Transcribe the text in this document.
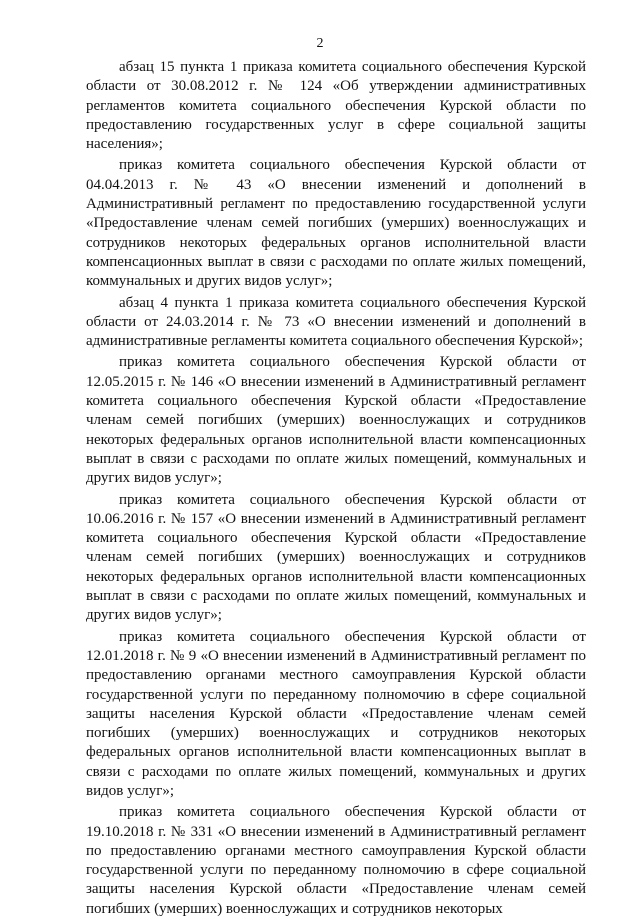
2

абзац 15 пункта 1 приказа комитета социального обеспечения Курской области от 30.08.2012 г. № 124 «Об утверждении административных регламентов комитета социального обеспечения Курской области по предоставлению государственных услуг в сфере социальной защиты населения»;

приказ комитета социального обеспечения Курской области от 04.04.2013 г. № 43 «О внесении изменений и дополнений в Административный регламент по предоставлению государственной услуги «Предоставление членам семей погибших (умерших) военнослужащих и сотрудников некоторых федеральных органов исполнительной власти компенсационных выплат в связи с расходами по оплате жилых помещений, коммунальных и других видов услуг»;

абзац 4 пункта 1 приказа комитета социального обеспечения Курской области от 24.03.2014 г. № 73 «О внесении изменений и дополнений в административные регламенты комитета социального обеспечения Курской»;

приказ комитета социального обеспечения Курской области от 12.05.2015 г. № 146 «О внесении изменений в Административный регламент комитета социального обеспечения Курской области «Предоставление членам семей погибших (умерших) военнослужащих и сотрудников некоторых федеральных органов исполнительной власти компенсационных выплат в связи с расходами по оплате жилых помещений, коммунальных и других видов услуг»;

приказ комитета социального обеспечения Курской области от 10.06.2016 г. № 157 «О внесении изменений в Административный регламент комитета социального обеспечения Курской области «Предоставление членам семей погибших (умерших) военнослужащих и сотрудников некоторых федеральных органов исполнительной власти компенсационных выплат в связи с расходами по оплате жилых помещений, коммунальных и других видов услуг»;

приказ комитета социального обеспечения Курской области от 12.01.2018 г. № 9 «О внесении изменений в Административный регламент по предоставлению органами местного самоуправления Курской области государственной услуги по переданному полномочию в сфере социальной защиты населения Курской области «Предоставление членам семей погибших (умерших) военнослужащих и сотрудников некоторых федеральных органов исполнительной власти компенсационных выплат в связи с расходами по оплате жилых помещений, коммунальных и других видов услуг»;

приказ комитета социального обеспечения Курской области от 19.10.2018 г. № 331 «О внесении изменений в Административный регламент по предоставлению органами местного самоуправления Курской области государственной услуги по переданному полномочию в сфере социальной защиты населения Курской области «Предоставление членам семей погибших (умерших) военнослужащих и сотрудников некоторых
